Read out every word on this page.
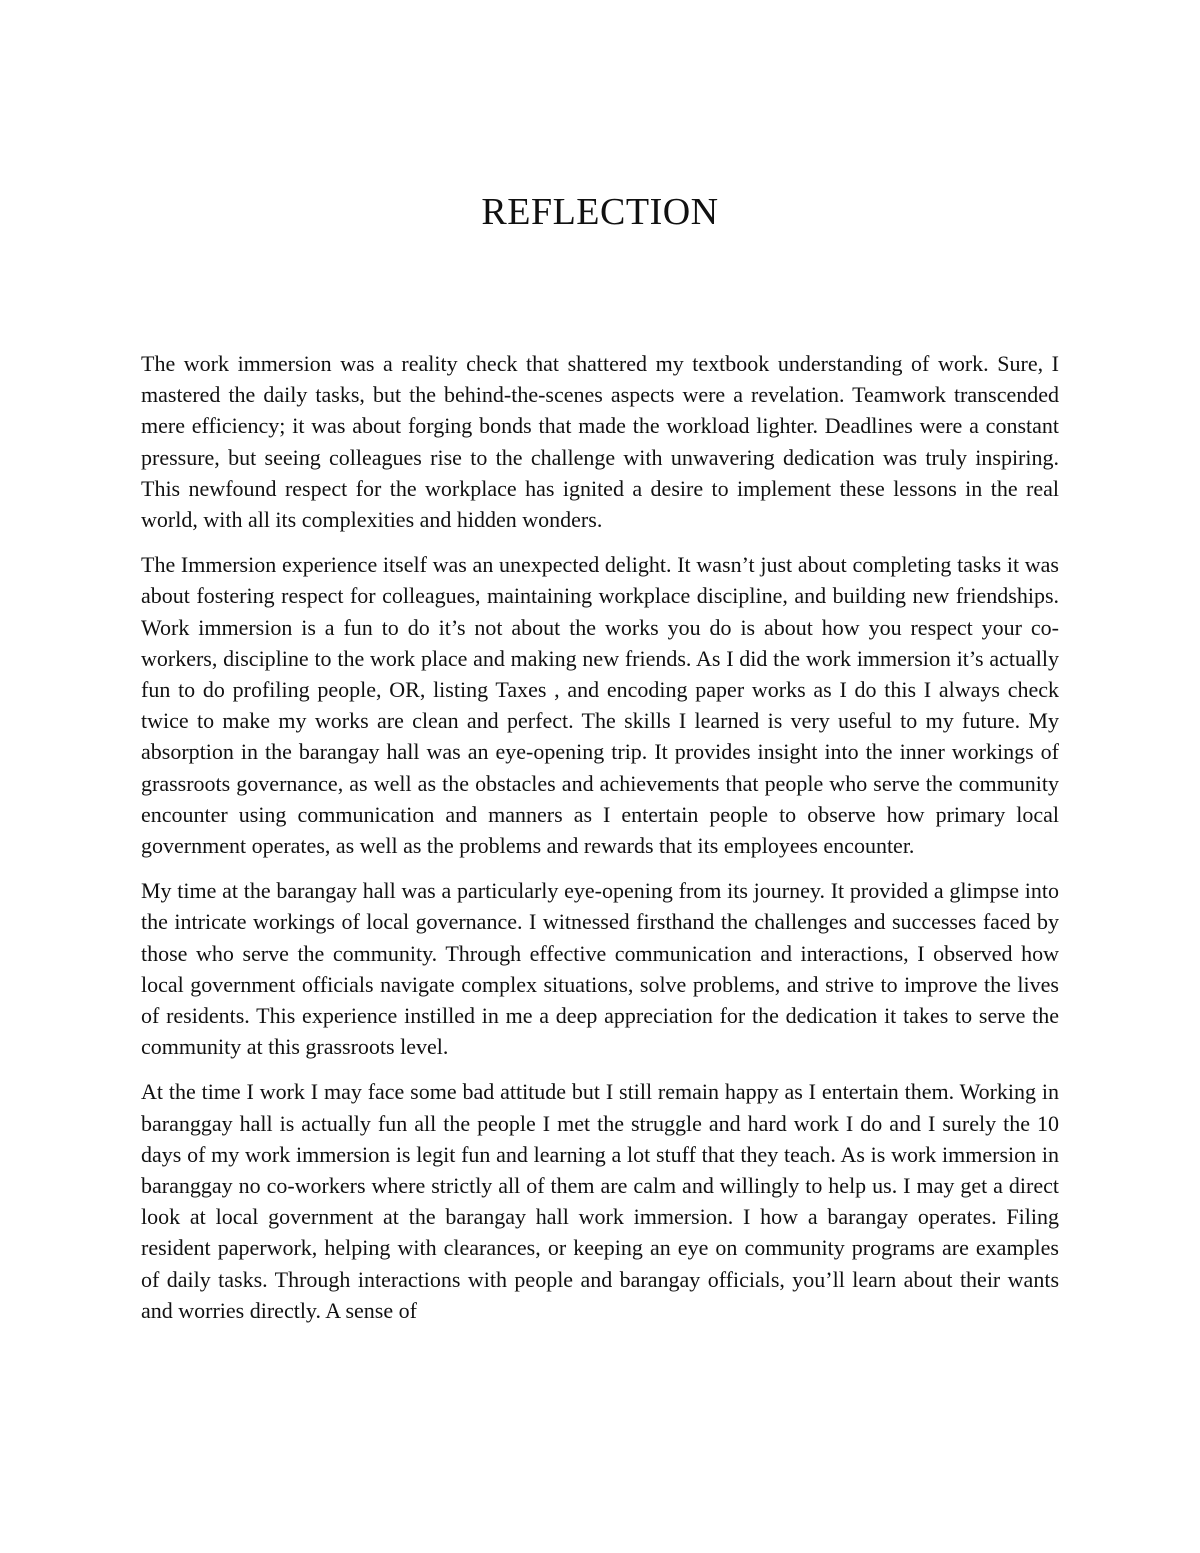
REFLECTION

The work immersion was a reality check that shattered my textbook understanding of work. Sure, I mastered the daily tasks, but the behind-the-scenes aspects were a revelation. Teamwork transcended mere efficiency; it was about forging bonds that made the workload lighter. Deadlines were a constant pressure, but seeing colleagues rise to the challenge with unwavering dedication was truly inspiring. This newfound respect for the workplace has ignited a desire to implement these lessons in the real world, with all its complexities and hidden wonders.

The Immersion experience itself was an unexpected delight. It wasn’t just about completing tasks it was about fostering respect for colleagues, maintaining workplace discipline, and building new friendships. Work immersion is a fun to do it’s not about the works you do is about how you respect your co-workers, discipline to the work place and making new friends. As I did the work immersion it’s actually fun to do profiling people, OR, listing Taxes , and encoding paper works as I do this I always check twice to make my works are clean and perfect. The skills I learned is very useful to my future. My absorption in the barangay hall was an eye-opening trip. It provides insight into the inner workings of grassroots governance, as well as the obstacles and achievements that people who serve the community encounter using communication and manners as I entertain people to observe how primary local government operates, as well as the problems and rewards that its employees encounter.

My time at the barangay hall was a particularly eye-opening from its journey. It provided a glimpse into the intricate workings of local governance. I witnessed firsthand the challenges and successes faced by those who serve the community. Through effective communication and interactions, I observed how local government officials navigate complex situations, solve problems, and strive to improve the lives of residents. This experience instilled in me a deep appreciation for the dedication it takes to serve the community at this grassroots level.

At the time I work I may face some bad attitude but I still remain happy as I entertain them. Working in baranggay hall is actually fun all the people I met the struggle and hard work I do and I surely the 10 days of my work immersion is legit fun and learning a lot stuff that they teach. As is work immersion in baranggay no co-workers where strictly all of them are calm and willingly to help us. I may get a direct look at local government at the barangay hall work immersion. I how a barangay operates. Filing resident paperwork, helping with clearances, or keeping an eye on community programs are examples of daily tasks. Through interactions with people and barangay officials, you’ll learn about their wants and worries directly. A sense of
